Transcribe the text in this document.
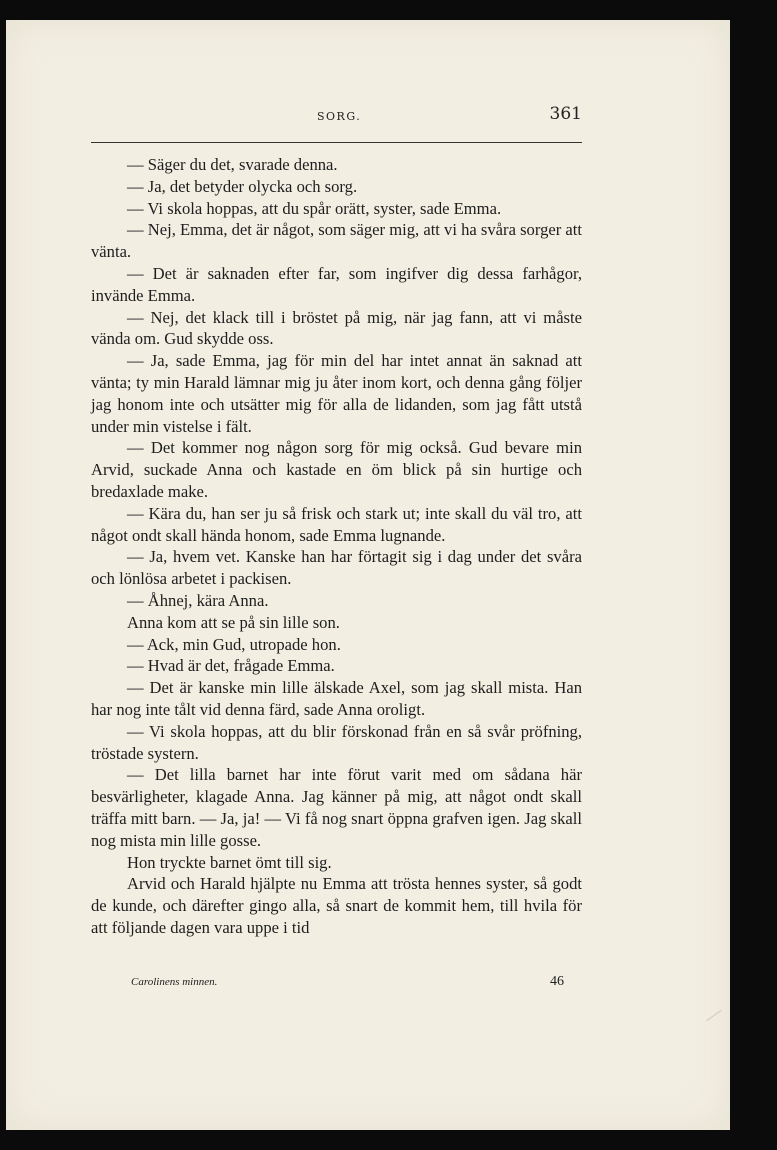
SORG.	361

— Säger du det, svarade denna.

— Ja, det betyder olycka och sorg.

— Vi skola hoppas, att du spår orätt, syster, sade Emma.

— Nej, Emma, det är något, som säger mig, att vi ha svåra sorger att vänta.

— Det är saknaden efter far, som ingifver dig dessa farhågor, invände Emma.

— Nej, det klack till i bröstet på mig, när jag fann, att vi måste vända om. Gud skydde oss.

— Ja, sade Emma, jag för min del har intet annat än saknad att vänta; ty min Harald lämnar mig ju åter inom kort, och denna gång följer jag honom inte och utsätter mig för alla de lidanden, som jag fått utstå under min vistelse i fält.

— Det kommer nog någon sorg för mig också. Gud bevare min Arvid, suckade Anna och kastade en öm blick på sin hurtige och bredaxlade make.

— Kära du, han ser ju så frisk och stark ut; inte skall du väl tro, att något ondt skall hända honom, sade Emma lugnande.

— Ja, hvem vet. Kanske han har förtagit sig i dag under det svåra och lönlösa arbetet i packisen.

— Åhnej, kära Anna.

Anna kom att se på sin lille son.

— Ack, min Gud, utropade hon.

— Hvad är det, frågade Emma.

— Det är kanske min lille älskade Axel, som jag skall mista. Han har nog inte tålt vid denna färd, sade Anna oroligt.

— Vi skola hoppas, att du blir förskonad från en så svår pröfning, tröstade systern.

— Det lilla barnet har inte förut varit med om sådana här besvärligheter, klagade Anna. Jag känner på mig, att något ondt skall träffa mitt barn. — Ja, ja! — Vi få nog snart öppna grafven igen. Jag skall nog mista min lille gosse.

Hon tryckte barnet ömt till sig.

Arvid och Harald hjälpte nu Emma att trösta hennes syster, så godt de kunde, och därefter gingo alla, så snart de kommit hem, till hvila för att följande dagen vara uppe i tid

Carolinens minnen.	46
